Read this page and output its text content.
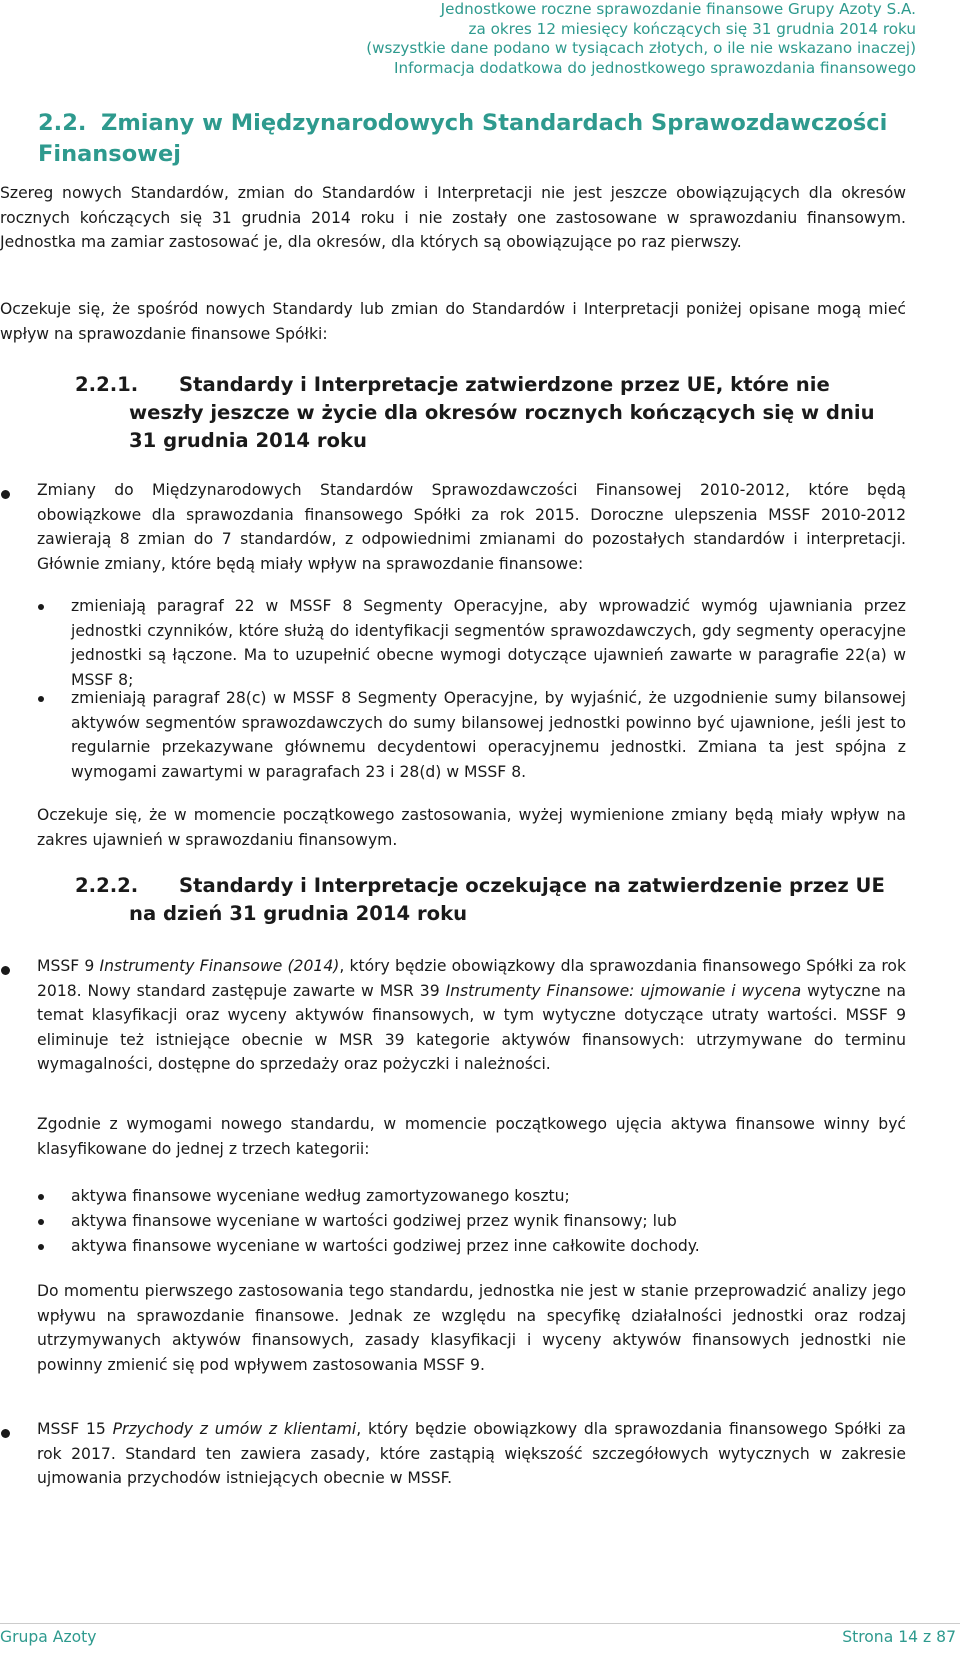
Jednostkowe roczne sprawozdanie finansowe Grupy Azoty S.A.
za okres 12 miesięcy kończących się 31 grudnia 2014 roku
(wszystkie dane podano w tysiącach złotych, o ile nie wskazano inaczej)
Informacja dodatkowa do jednostkowego sprawozdania finansowego
2.2. Zmiany w Międzynarodowych Standardach Sprawozdawczości Finansowej

Szereg nowych Standardów, zmian do Standardów i Interpretacji nie jest jeszcze obowiązujących dla okresów rocznych kończących się 31 grudnia 2014 roku i nie zostały one zastosowane w sprawozdaniu finansowym. Jednostka ma zamiar zastosować je, dla okresów, dla których są obowiązujące po raz pierwszy.

Oczekuje się, że spośród nowych Standardy lub zmian do Standardów i Interpretacji poniżej opisane mogą mieć wpływ na sprawozdanie finansowe Spółki:

2.2.1. Standardy i Interpretacje zatwierdzone przez UE, które nie
weszły jeszcze w życie dla okresów rocznych kończących się w dniu
31 grudnia 2014 roku

Zmiany do Międzynarodowych Standardów Sprawozdawczości Finansowej 2010-2012, które będą obowiązkowe dla sprawozdania finansowego Spółki za rok 2015. Doroczne ulepszenia MSSF 2010-2012 zawierają 8 zmian do 7 standardów, z odpowiednimi zmianami do pozostałych standardów i interpretacji. Głównie zmiany, które będą miały wpływ na sprawozdanie finansowe:

zmieniają paragraf 22 w MSSF 8 Segmenty Operacyjne, aby wprowadzić wymóg ujawniania przez jednostki czynników, które służą do identyfikacji segmentów sprawozdawczych, gdy segmenty operacyjne jednostki są łączone. Ma to uzupełnić obecne wymogi dotyczące ujawnień zawarte w paragrafie 22(a) w MSSF 8;

zmieniają paragraf 28(c) w MSSF 8 Segmenty Operacyjne, by wyjaśnić, że uzgodnienie sumy bilansowej aktywów segmentów sprawozdawczych do sumy bilansowej jednostki powinno być ujawnione, jeśli jest to regularnie przekazywane głównemu decydentowi operacyjnemu jednostki. Zmiana ta jest spójna z wymogami zawartymi w paragrafach 23 i 28(d) w MSSF 8.

Oczekuje się, że w momencie początkowego zastosowania, wyżej wymienione zmiany będą miały wpływ na zakres ujawnień w sprawozdaniu finansowym.

2.2.2. Standardy i Interpretacje oczekujące na zatwierdzenie przez UE
na dzień 31 grudnia 2014 roku

MSSF 9 Instrumenty Finansowe (2014), który będzie obowiązkowy dla sprawozdania finansowego Spółki za rok 2018. Nowy standard zastępuje zawarte w MSR 39 Instrumenty Finansowe: ujmowanie i wycena wytyczne na temat klasyfikacji oraz wyceny aktywów finansowych, w tym wytyczne dotyczące utraty wartości. MSSF 9 eliminuje też istniejące obecnie w MSR 39 kategorie aktywów finansowych: utrzymywane do terminu wymagalności, dostępne do sprzedaży oraz pożyczki i należności.

Zgodnie z wymogami nowego standardu, w momencie początkowego ujęcia aktywa finansowe winny być klasyfikowane do jednej z trzech kategorii:

aktywa finansowe wyceniane według zamortyzowanego kosztu;

aktywa finansowe wyceniane w wartości godziwej przez wynik finansowy; lub

aktywa finansowe wyceniane w wartości godziwej przez inne całkowite dochody.

Do momentu pierwszego zastosowania tego standardu, jednostka nie jest w stanie przeprowadzić analizy jego wpływu na sprawozdanie finansowe. Jednak ze względu na specyfikę działalności jednostki oraz rodzaj utrzymywanych aktywów finansowych, zasady klasyfikacji i wyceny aktywów finansowych jednostki nie powinny zmienić się pod wpływem zastosowania MSSF 9.

MSSF 15 Przychody z umów z klientami, który będzie obowiązkowy dla sprawozdania finansowego Spółki za rok 2017. Standard ten zawiera zasady, które zastąpią większość szczegółowych wytycznych w zakresie ujmowania przychodów istniejących obecnie w MSSF.

Grupa Azoty	Strona 14 z 87
